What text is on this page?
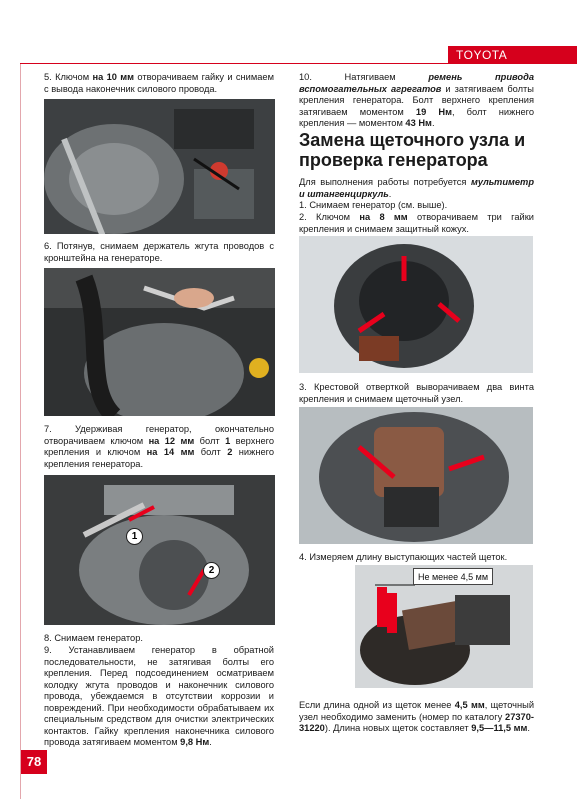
TOYOTA

5. Ключом на 10 мм отворачиваем гайку и снимаем с вывода наконечник силового провода.

6. Потянув, снимаем держатель жгута проводов с кронштейна на генераторе.

7. Удерживая генератор, окончательно отворачиваем ключом на 12 мм болт 1 верхнего крепления и ключом на 14 мм болт 2 нижнего крепления генератора.

1
2

8. Снимаем генератор.

9. Устанавливаем генератор в обратной последовательности, не затягивая болты его крепления. Перед подсоединением осматриваем колодку жгута проводов и наконечник силового провода, убеждаемся в отсутствии коррозии и повреждений. При необходимости обрабатываем их специальным средством для очистки электрических контактов. Гайку крепления наконечника силового провода затягиваем моментом 9,8 Нм.

78

10. Натягиваем ремень привода вспомогательных агрегатов и затягиваем болты крепления генератора. Болт верхнего крепления затягиваем моментом 19 Нм, болт нижнего крепления — моментом 43 Нм.

Замена щеточного узла и проверка генератора

Для выполнения работы потребуется мультиметр и штангенциркуль.

1. Снимаем генератор (см. выше).

2. Ключом на 8 мм отворачиваем три гайки крепления и снимаем защитный кожух.

3. Крестовой отверткой выворачиваем два винта крепления и снимаем щеточный узел.

4. Измеряем длину выступающих частей щеток.

Не менее 4,5 мм

Если длина одной из щеток менее 4,5 мм, щеточный узел необходимо заменить (номер по каталогу 27370-31220). Длина новых щеток составляет 9,5—11,5 мм.
